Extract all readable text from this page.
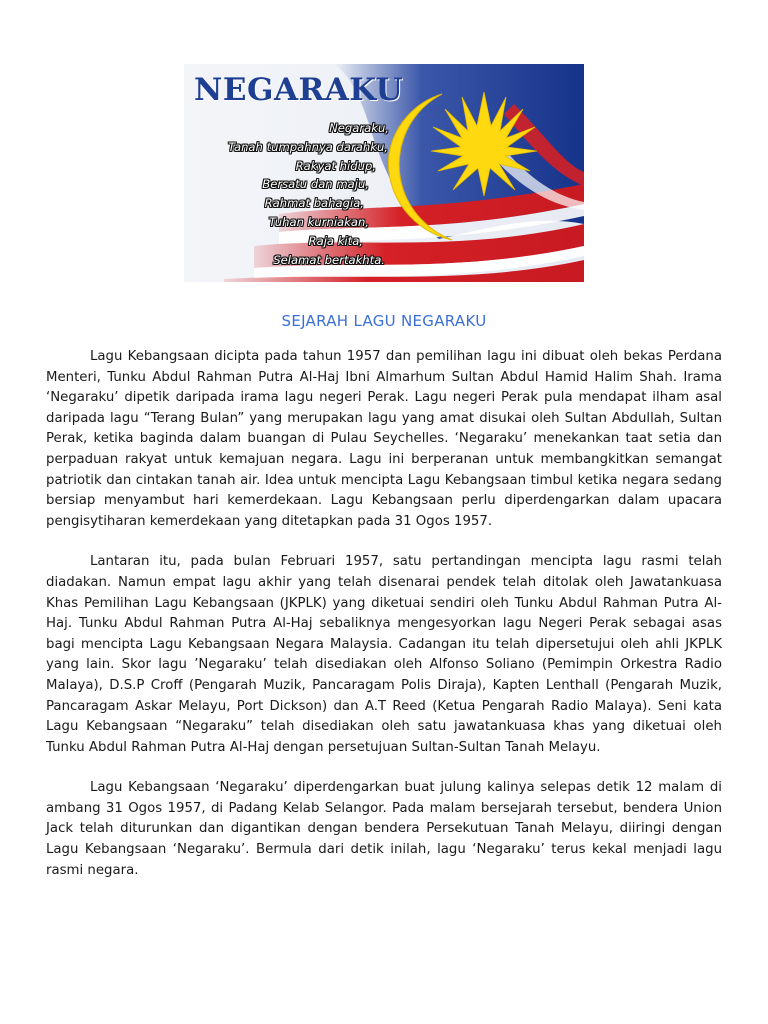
NEGARAKU
Negaraku,
Tanah tumpahnya darahku,
Rakyat hidup,
Bersatu dan maju,
Rahmat bahagia,
Tuhan kurniakan,
Raja kita,
Selamat bertakhta.
SEJARAH LAGU NEGARAKU

Lagu Kebangsaan dicipta pada tahun 1957 dan pemilihan lagu ini dibuat oleh bekas Perdana Menteri, Tunku Abdul Rahman Putra Al-Haj Ibni Almarhum Sultan Abdul Hamid Halim Shah. Irama ‘Negaraku’ dipetik daripada irama lagu negeri Perak. Lagu negeri Perak pula mendapat ilham asal daripada lagu “Terang Bulan” yang merupakan lagu yang amat disukai oleh Sultan Abdullah, Sultan Perak, ketika baginda dalam buangan di Pulau Seychelles. ‘Negaraku’ menekankan taat setia dan perpaduan rakyat untuk kemajuan negara. Lagu ini berperanan untuk membangkitkan semangat patriotik dan cintakan tanah air. Idea untuk mencipta Lagu Kebangsaan timbul ketika negara sedang bersiap menyambut hari kemerdekaan. Lagu Kebangsaan perlu diperdengarkan dalam upacara pengisytiharan kemerdekaan yang ditetapkan pada 31 Ogos 1957.

Lantaran itu, pada bulan Februari 1957, satu pertandingan mencipta lagu rasmi telah diadakan. Namun empat lagu akhir yang telah disenarai pendek telah ditolak oleh Jawatankuasa Khas Pemilihan Lagu Kebangsaan (JKPLK) yang diketuai sendiri oleh Tunku Abdul Rahman Putra Al-Haj. Tunku Abdul Rahman Putra Al-Haj sebaliknya mengesyorkan lagu Negeri Perak sebagai asas bagi mencipta Lagu Kebangsaan Negara Malaysia. Cadangan itu telah dipersetujui oleh ahli JKPLK yang lain. Skor lagu ’Negaraku’ telah disediakan oleh Alfonso Soliano (Pemimpin Orkestra Radio Malaya), D.S.P Croff (Pengarah Muzik, Pancaragam Polis Diraja), Kapten Lenthall (Pengarah Muzik, Pancaragam Askar Melayu, Port Dickson) dan A.T Reed (Ketua Pengarah Radio Malaya). Seni kata Lagu Kebangsaan “Negaraku” telah disediakan oleh satu jawatankuasa khas yang diketuai oleh Tunku Abdul Rahman Putra Al-Haj dengan persetujuan Sultan-Sultan Tanah Melayu.

Lagu Kebangsaan ‘Negaraku’ diperdengarkan buat julung kalinya selepas detik 12 malam di ambang 31 Ogos 1957, di Padang Kelab Selangor. Pada malam bersejarah tersebut, bendera Union Jack telah diturunkan dan digantikan dengan bendera Persekutuan Tanah Melayu, diiringi dengan Lagu Kebangsaan ‘Negaraku’. Bermula dari detik inilah, lagu ‘Negaraku’ terus kekal menjadi lagu rasmi negara.
